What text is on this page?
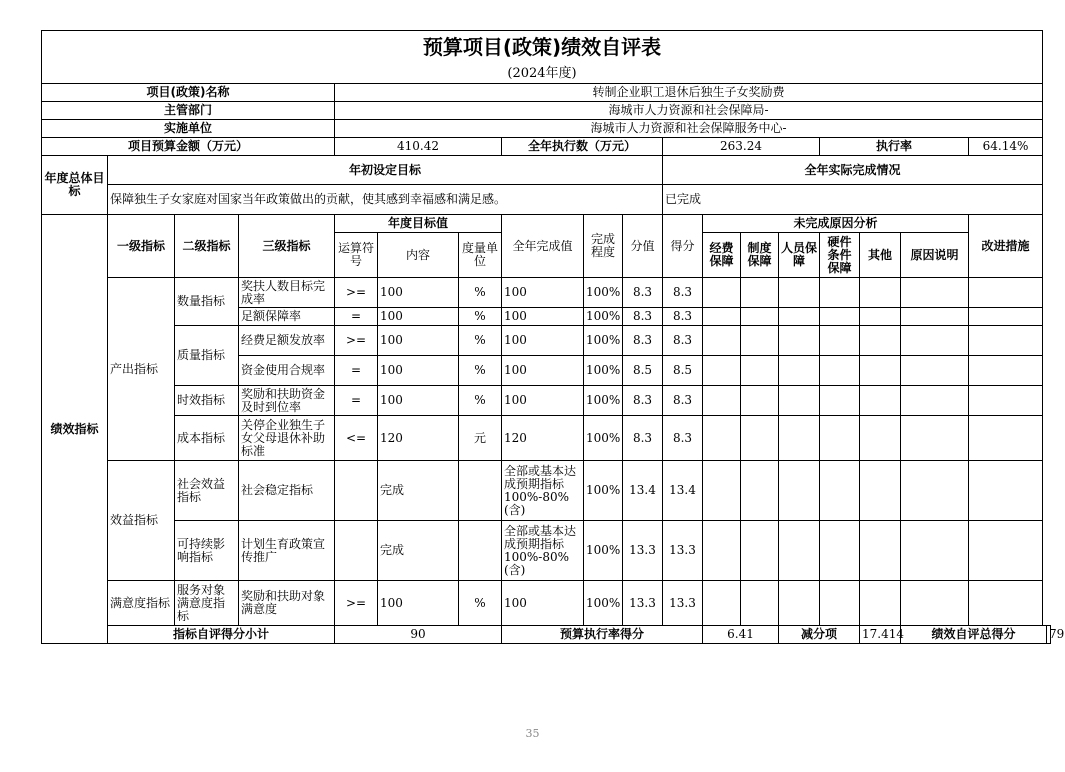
预算项目(政策)绩效自评表																		
(2024年度)																		
项目(政策)名称				转制企业职工退休后独生子女奖励费														
主管部门				海城市人力资源和社会保障局-														
实施单位				海城市人力资源和社会保障服务中心-														
项目预算金额（万元）				410.42			全年执行数（万元）			263.24				执行率			64.14%	
年度总体目标	年初设定目标									全年实际完成情况								
	保障独生子女家庭对国家当年政策做出的贡献，使其感到幸福感和满足感。									已完成								
绩效指标	一级指标	二级指标	三级指标	年度目标值			全年完成值	完成程度	分值	得分	未完成原因分析						改进措施	
				运算符号	内容	度量单位					经费保障	制度保障	人员保障	硬件条件保障	其他	原因说明		
	产出指标	数量指标	奖扶人数目标完成率	>=	100	%	100	100%	8.3	8.3								
			足额保障率	=	100	%	100	100%	8.3	8.3								
		质量指标	经费足额发放率	>=	100	%	100	100%	8.3	8.3								
			资金使用合规率	=	100	%	100	100%	8.5	8.5								
		时效指标	奖励和扶助资金及时到位率	=	100	%	100	100%	8.3	8.3								
		成本指标	关停企业独生子女父母退休补助标准	<=	120	元	120	100%	8.3	8.3								
	效益指标	社会效益指标	社会稳定指标		完成		全部或基本达成预期指标100%-80%(含)	100%	13.4	13.4								
		可持续影响指标	计划生育政策宣传推广		完成		全部或基本达成预期指标100%-80%(含)	100%	13.3	13.3								
	满意度指标	服务对象满意度指标	奖励和扶助对象满意度	>=	100	%	100	100%	13.3	13.3								
	指标自评得分小计			90			预算执行率得分				6.41		减分项		17.414	绩效自评总得分		79
35
